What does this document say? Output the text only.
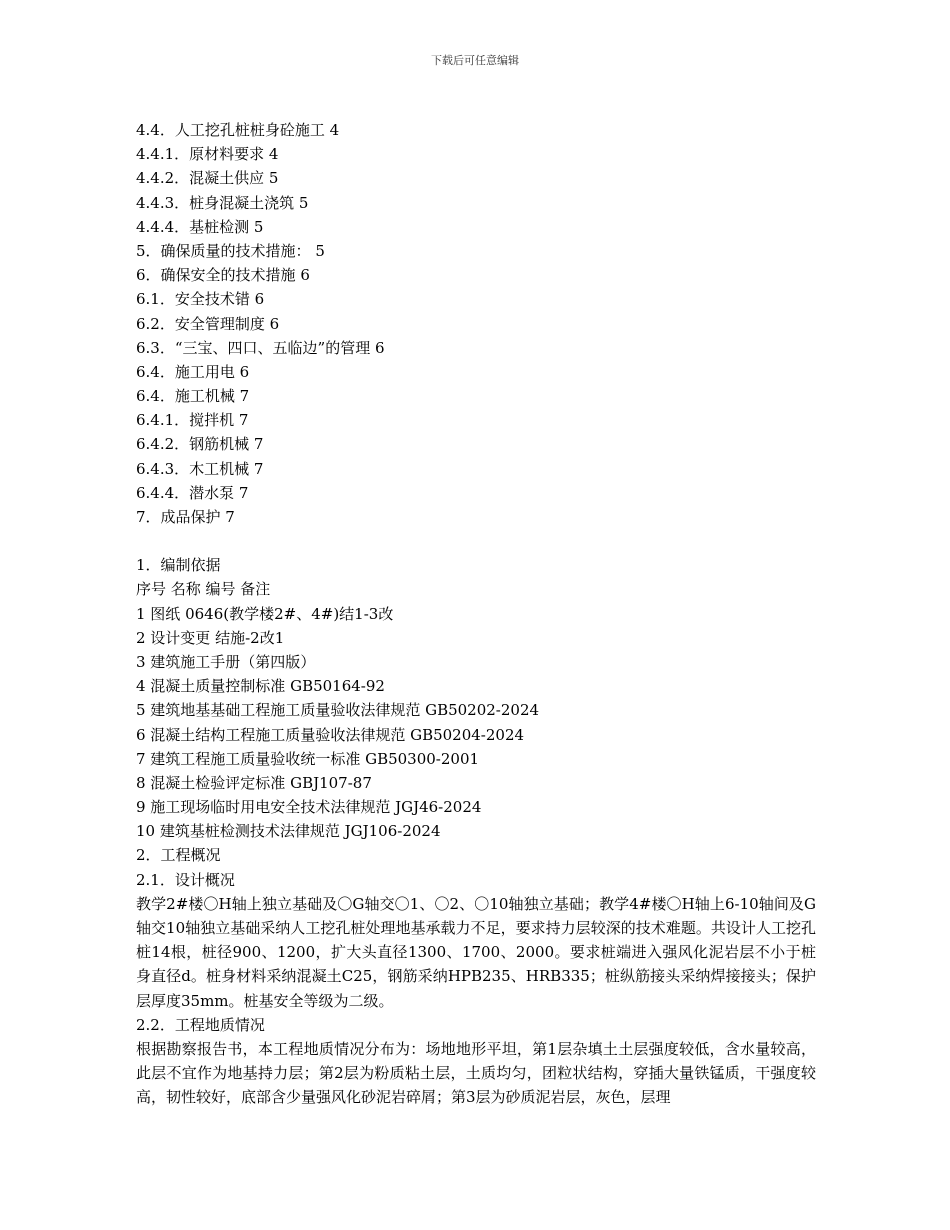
下载后可任意编辑
4.4．人工挖孔桩桩身砼施工 4
4.4.1．原材料要求 4
4.4.2．混凝土供应 5
4.4.3．桩身混凝土浇筑 5
4.4.4．基桩检测 5
5．确保质量的技术措施： 5
6．确保安全的技术措施 6
6.1．安全技术错 6
6.2．安全管理制度 6
6.3．“三宝、四口、五临边”的管理 6
6.4．施工用电 6
6.4．施工机械 7
6.4.1．搅拌机 7
6.4.2．钢筋机械 7
6.4.3．木工机械 7
6.4.4．潜水泵 7
7．成品保护 7
1．编制依据
序号 名称 编号 备注
1 图纸 0646(教学楼2#、4#)结1-3改
2 设计变更 结施-2改1
3 建筑施工手册（第四版）
4 混凝土质量控制标准 GB50164-92
5 建筑地基基础工程施工质量验收法律规范 GB50202-2024
6 混凝土结构工程施工质量验收法律规范 GB50204-2024
7 建筑工程施工质量验收统一标准 GB50300-2001
8 混凝土检验评定标准 GBJ107-87
9 施工现场临时用电安全技术法律规范 JGJ46-2024
10 建筑基桩检测技术法律规范 JGJ106-2024
2．工程概况
2.1．设计概况
教学2#楼〇H轴上独立基础及〇G轴交〇1、〇2、〇10轴独立基础；教学4#楼〇H轴上6-10轴间及G轴交10轴独立基础采纳人工挖孔桩处理地基承载力不足，要求持力层较深的技术难题。共设计人工挖孔桩14根，桩径900、1200，扩大头直径1300、1700、2000。要求桩端进入强风化泥岩层不小于桩身直径d。桩身材料采纳混凝土C25，钢筋采纳HPB235、HRB335；桩纵筋接头采纳焊接接头；保护层厚度35mm。桩基安全等级为二级。
2.2．工程地质情况
根据勘察报告书，本工程地质情况分布为：场地地形平坦，第1层杂填土土层强度较低，含水量较高，此层不宜作为地基持力层；第2层为粉质粘土层，土质均匀，团粒状结构，穿插大量铁锰质，干强度较高，韧性较好，底部含少量强风化砂泥岩碎屑；第3层为砂质泥岩层，灰色，层理
